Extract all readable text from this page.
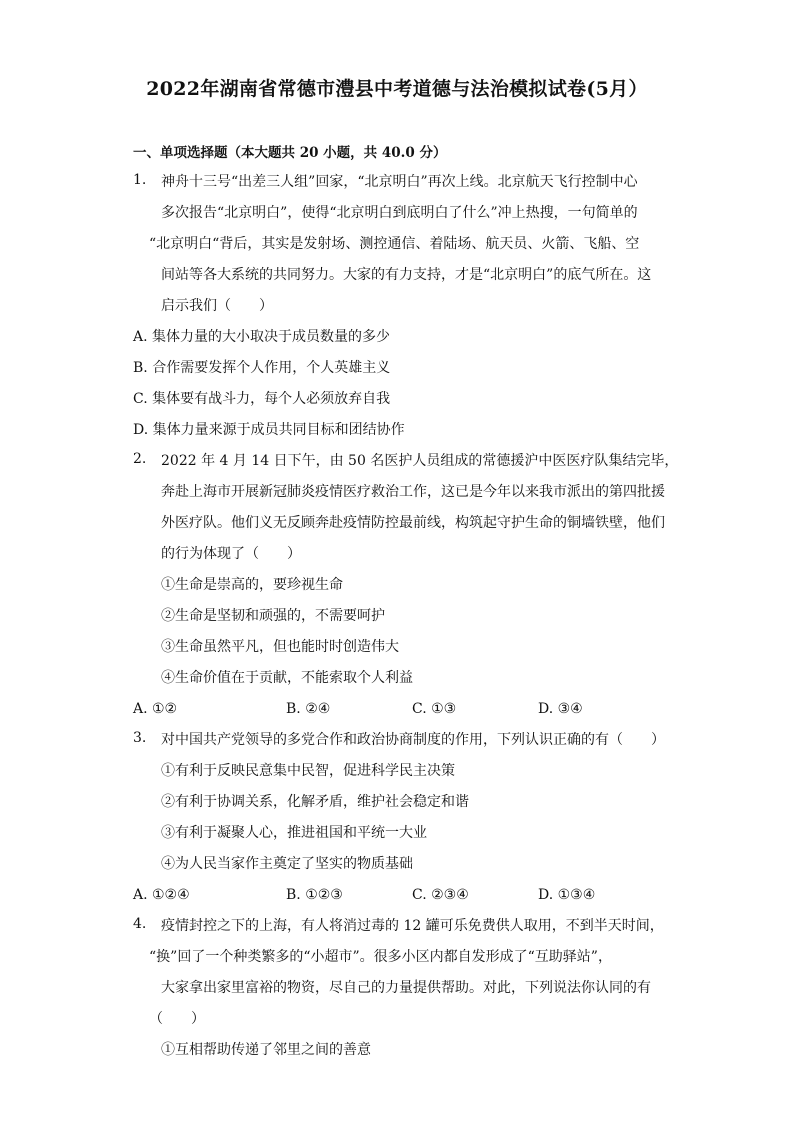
2022年湖南省常德市澧县中考道德与法治模拟试卷(5月）
一、单项选择题（本大题共 20 小题，共 40.0 分）
1.	神舟十三号“出差三人组”回家，“北京明白”再次上线。北京航天飞行控制中心
多次报告“北京明白”，使得“北京明白到底明白了什么”冲上热搜，一句简单的
“北京明白“背后，其实是发射场、测控通信、着陆场、航天员、火箭、飞船、空
间站等各大系统的共同努力。大家的有力支持，才是“北京明白”的底气所在。这
启示我们（　　）
A. 集体力量的大小取决于成员数量的多少
B. 合作需要发挥个人作用，个人英雄主义
C. 集体要有战斗力，每个人必须放弃自我
D. 集体力量来源于成员共同目标和团结协作
2.	2022 年 4 月 14 日下午，由 50 名医护人员组成的常德援沪中医医疗队集结完毕，
奔赴上海市开展新冠肺炎疫情医疗救治工作，这已是今年以来我市派出的第四批援
外医疗队。他们义无反顾奔赴疫情防控最前线，构筑起守护生命的铜墙铁壁，他们
的行为体现了（　　）
①生命是崇高的，要珍视生命
②生命是坚韧和顽强的，不需要呵护
③生命虽然平凡，但也能时时创造伟大
④生命价值在于贡献，不能索取个人利益
A. ①②	B. ②④	C. ①③	D. ③④
3.	对中国共产党领导的多党合作和政治协商制度的作用，下列认识正确的有（　　）
①有利于反映民意集中民智，促进科学民主决策
②有利于协调关系，化解矛盾，维护社会稳定和谐
③有利于凝聚人心，推进祖国和平统一大业
④为人民当家作主奠定了坚实的物质基础
A. ①②④	B. ①②③	C. ②③④	D. ①③④
4.	疫情封控之下的上海，有人将消过毒的 12 罐可乐免费供人取用，不到半天时间，
“换”回了一个种类繁多的“小超市”。很多小区内都自发形成了“互助驿站”，
大家拿出家里富裕的物资，尽自己的力量提供帮助。对此，下列说法你认同的有
（　　）
①互相帮助传递了邻里之间的善意
